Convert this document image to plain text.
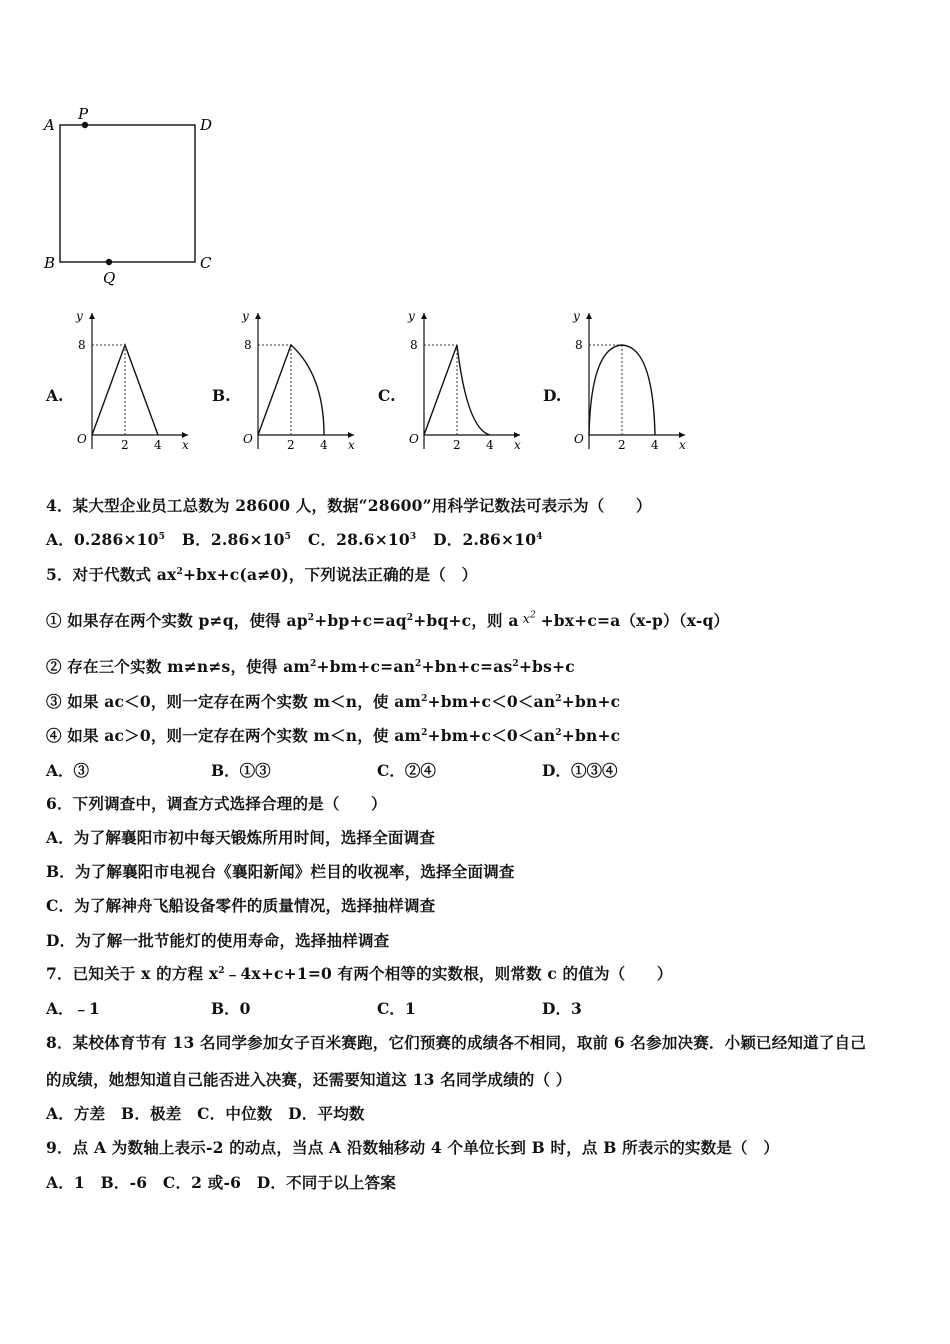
A
P
D
B
Q
C
A.
y
x
O
8
2 4
B.
y
x
O
8
2 4
C.
y
x
O
8
2 4
D.
y
x
O
8
2 4
4．某大型企业员工总数为 28600 人，数据“28600”用科学记数法可表示为（　　）
A．$0.286\times 10^5$ B．$2.86\times 10^5$ C．$28.6\times 10^3$ D．$2.86\times 10^4$
5．对于代数式 $ax^2+bx+c(a\ne 0)$，下列说法正确的是（　）
① 如果存在两个实数 p≠q，使得 $ap^2+bp+c=aq^2+bq+c$，则 a $x^2 +bx+c=a(x-p)(x-q)$
② 存在三个实数 m≠n≠s，使得 $am^2+bm+c=an^2+bn+c=as^2+bs+c$
③ 如果 ac＜0，则一定存在两个实数 m＜n，使 $am^2+bm+c<0<an^2+bn+c$
④ 如果 ac＞0，则一定存在两个实数 m＜n，使 $am^2+bm+c<0<an^2+bn+c$
A．③	B．①③	C．②④	D．①③④
6．下列调查中，调查方式选择合理的是（　　）
A．为了解襄阳市初中每天锻炼所用时间，选择全面调查
B．为了解襄阳市电视台《襄阳新闻》栏目的收视率，选择全面调查
C．为了解神舟飞船设备零件的质量情况，选择抽样调查
D．为了解一批节能灯的使用寿命，选择抽样调查
7．已知关于 x 的方程 $x^2﹣4x+c+1=0$ 有两个相等的实数根，则常数 c 的值为（　　）
A．﹣1	B．0	C．1	D．3
8．某校体育节有 13 名同学参加女子百米赛跑，它们预赛的成绩各不相同，取前 6 名参加决赛．小颖已经知道了自己
的成绩，她想知道自己能否进入决赛，还需要知道这 13 名同学成绩的（ ）
A．方差　B．极差　C．中位数　D．平均数
9．点 A 为数轴上表示-2 的动点，当点 A 沿数轴移动 4 个单位长到 B 时，点 B 所表示的实数是（　）
A．1　B．-6　C．2 或-6　D．不同于以上答案
